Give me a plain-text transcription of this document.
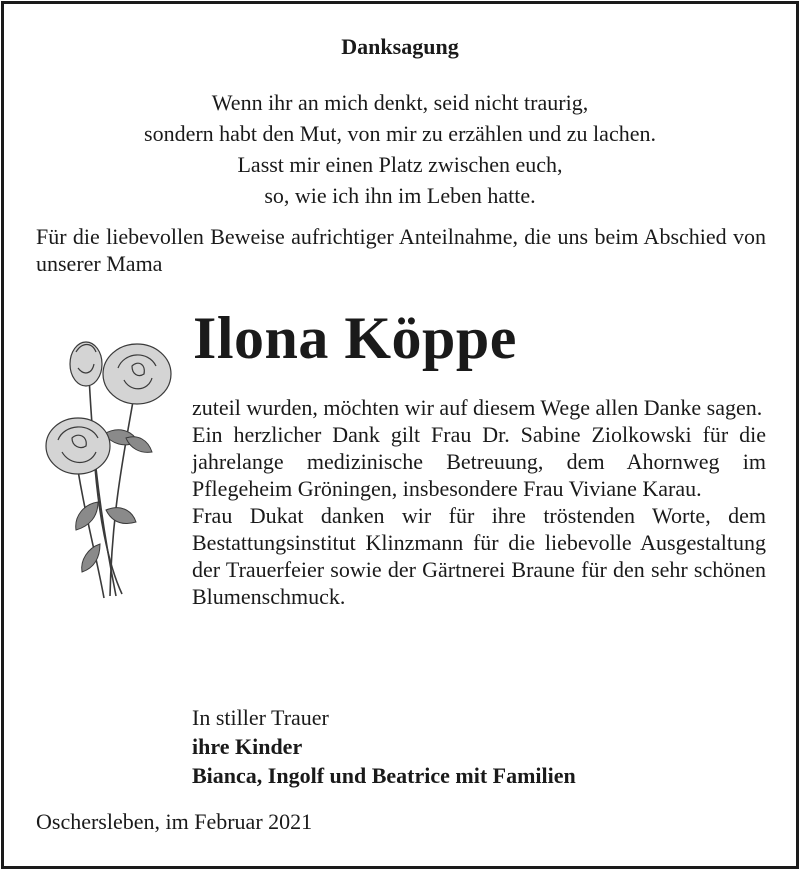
Danksagung
Wenn ihr an mich denkt, seid nicht traurig,
sondern habt den Mut, von mir zu erzählen und zu lachen.
Lasst mir einen Platz zwischen euch,
so, wie ich ihn im Leben hatte.
Für die liebevollen Beweise aufrichtiger Anteilnahme, die uns beim Abschied von unserer Mama
Ilona Köppe

zuteil wurden, möchten wir auf diesem Wege allen Danke sagen.

Ein herzlicher Dank gilt Frau Dr. Sabine Ziolkowski für die jahrelange medizinische Betreuung, dem Ahornweg im Pflegeheim Gröningen, insbesondere Frau Viviane Karau.

Frau Dukat danken wir für ihre tröstenden Worte, dem Bestattungsinstitut Klinzmann für die liebevolle Ausgestaltung der Trauerfeier sowie der Gärtnerei Braune für den sehr schönen Blumenschmuck.

In stiller Trauer
ihre Kinder
Bianca, Ingolf und Beatrice mit Familien
Oschersleben, im Februar 2021
